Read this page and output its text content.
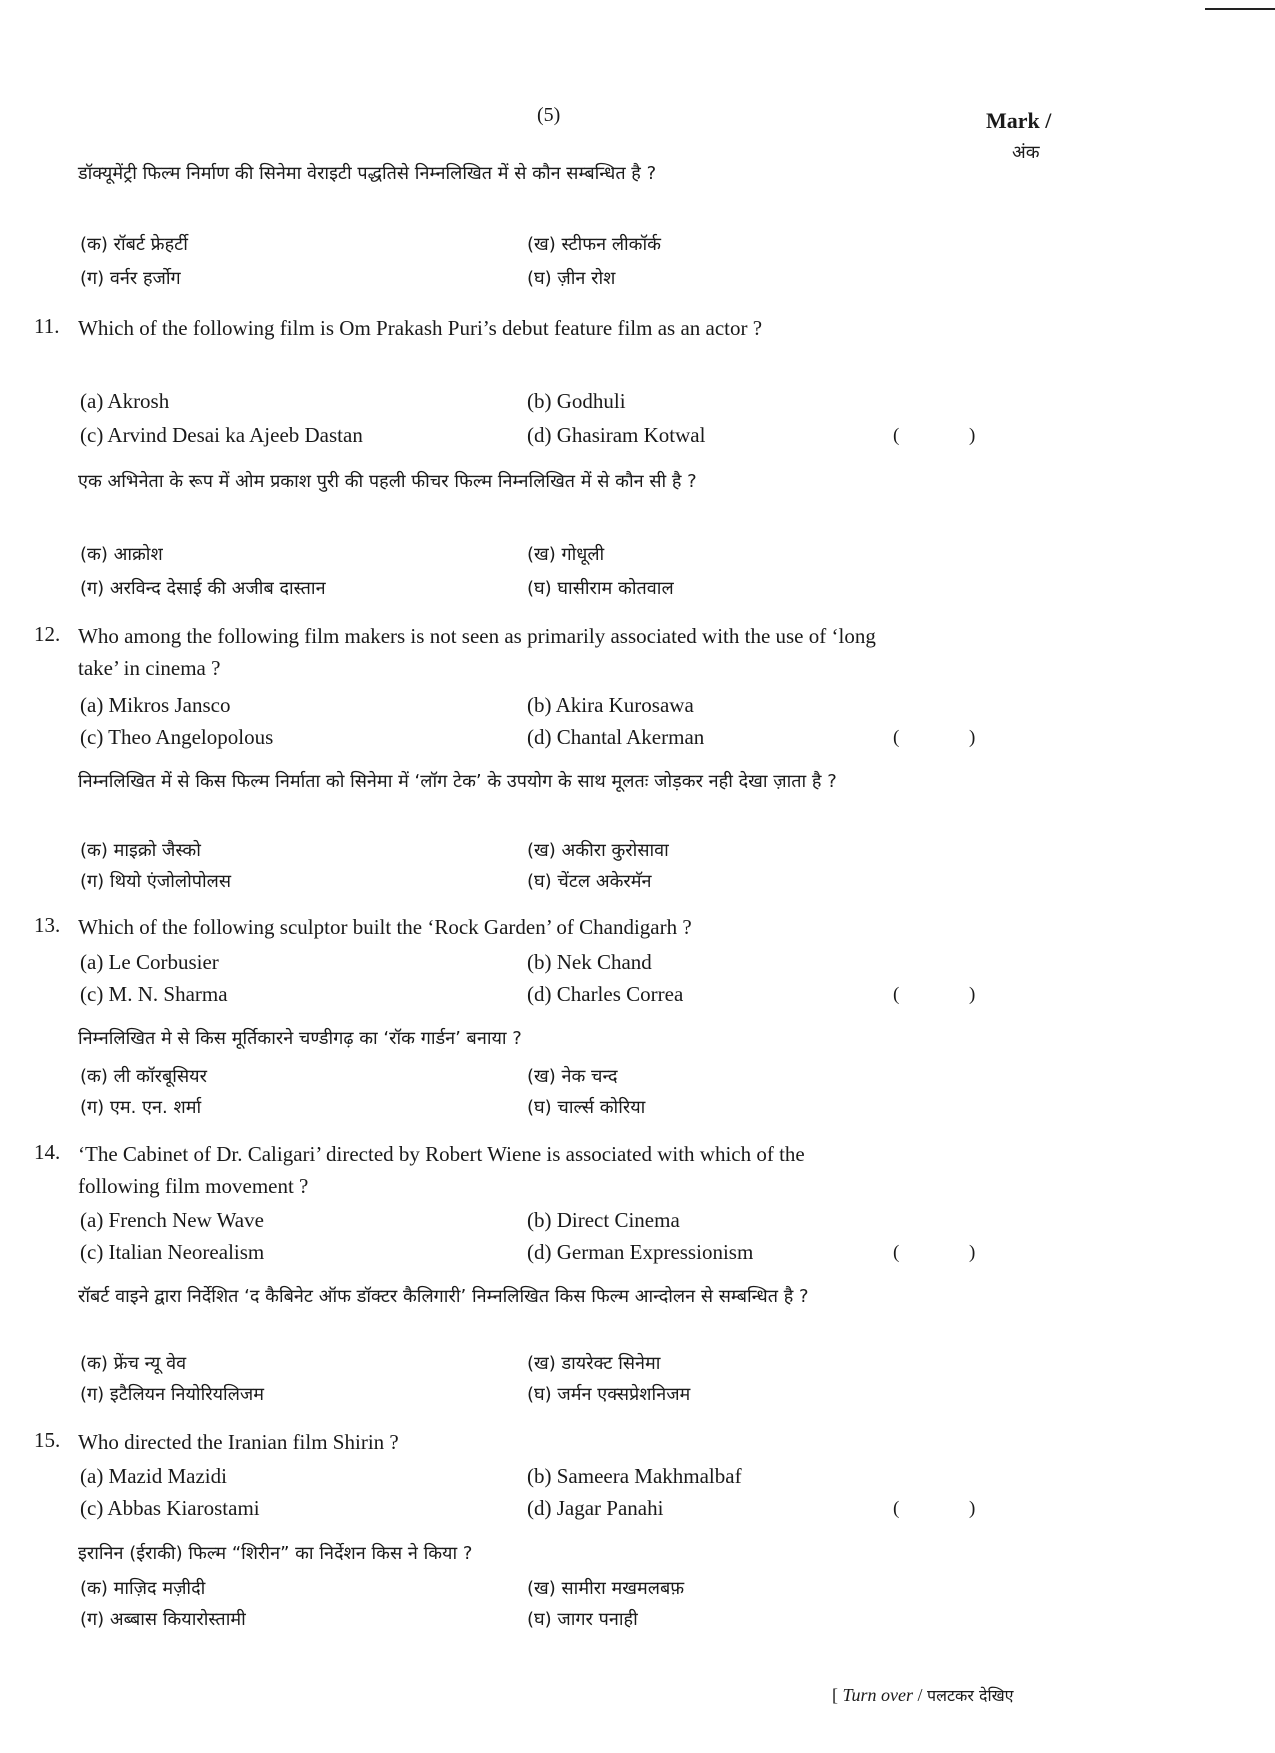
(5)	Mark /
अंक
डॉक्यूमेंट्री फिल्म निर्माण की सिनेमा वेराइटी पद्धतिसे निम्नलिखित में से कौन सम्बन्धित है ?
(क) रॉबर्ट फ्रेहर्टी	(ख) स्टीफन लीकॉर्क
(ग) वर्नर हर्जोग	(घ) ज़ीन रोश
11. Which of the following film is Om Prakash Puri’s debut feature film as an actor ?
(a) Akrosh	(b) Godhuli
(c) Arvind Desai ka Ajeeb Dastan	(d) Ghasiram Kotwal	(	)
एक अभिनेता के रूप में ओम प्रकाश पुरी की पहली फीचर फिल्म निम्नलिखित में से कौन सी है ?
(क) आक्रोश	(ख) गोधूली
(ग) अरविन्द देसाई की अजीब दास्तान	(घ) घासीराम कोतवाल
12. Who among the following film makers is not seen as primarily associated with the use of ‘long take’ in cinema ?
(a) Mikros Jansco	(b) Akira Kurosawa
(c) Theo Angelopolous	(d) Chantal Akerman	(	)
निम्नलिखित में से किस फिल्म निर्माता को सिनेमा में ‘लॉग टेक’ के उपयोग के साथ मूलतः जोड़कर नही देखा ज़ाता है ?
(क) माइक्रो जैस्को	(ख) अकीरा कुरोसावा
(ग) थियो एंजोलोपोलस	(घ) चेंटल अकेरमॅन
13. Which of the following sculptor built the ‘Rock Garden’ of Chandigarh ?
(a) Le Corbusier	(b) Nek Chand
(c) M. N. Sharma	(d) Charles Correa	(	)
निम्नलिखित मे से किस मूर्तिकारने चण्डीगढ़ का ‘रॉक गार्डन’ बनाया ?
(क) ली कॉरबूसियर	(ख) नेक चन्द
(ग) एम. एन. शर्मा	(घ) चार्ल्स कोरिया
14. ‘The Cabinet of Dr. Caligari’ directed by Robert Wiene is associated with which of the following film movement ?
(a) French New Wave	(b) Direct Cinema
(c) Italian Neorealism	(d) German Expressionism	(	)
रॉबर्ट वाइने द्वारा निर्देशित ‘द कैबिनेट ऑफ डॉक्टर कैलिगारी’ निम्नलिखित किस फिल्म आन्दोलन से सम्बन्धित है ?
(क) फ्रेंच न्यू वेव	(ख) डायरेक्ट सिनेमा
(ग) इटैलियन नियोरियलिजम	(घ) जर्मन एक्सप्रेशनिजम
15. Who directed the Iranian film Shirin ?
(a) Mazid Mazidi	(b) Sameera Makhmalbaf
(c) Abbas Kiarostami	(d) Jagar Panahi	(	)
इरानिन (ईराकी) फिल्म “शिरीन” का निर्देशन किस ने किया ?
(क) माज़िद मज़ीदी	(ख) सामीरा मखमलबफ़
(ग) अब्बास कियारोस्तामी	(घ) जागर पनाही
[ Turn over / पलटकर देखिए
